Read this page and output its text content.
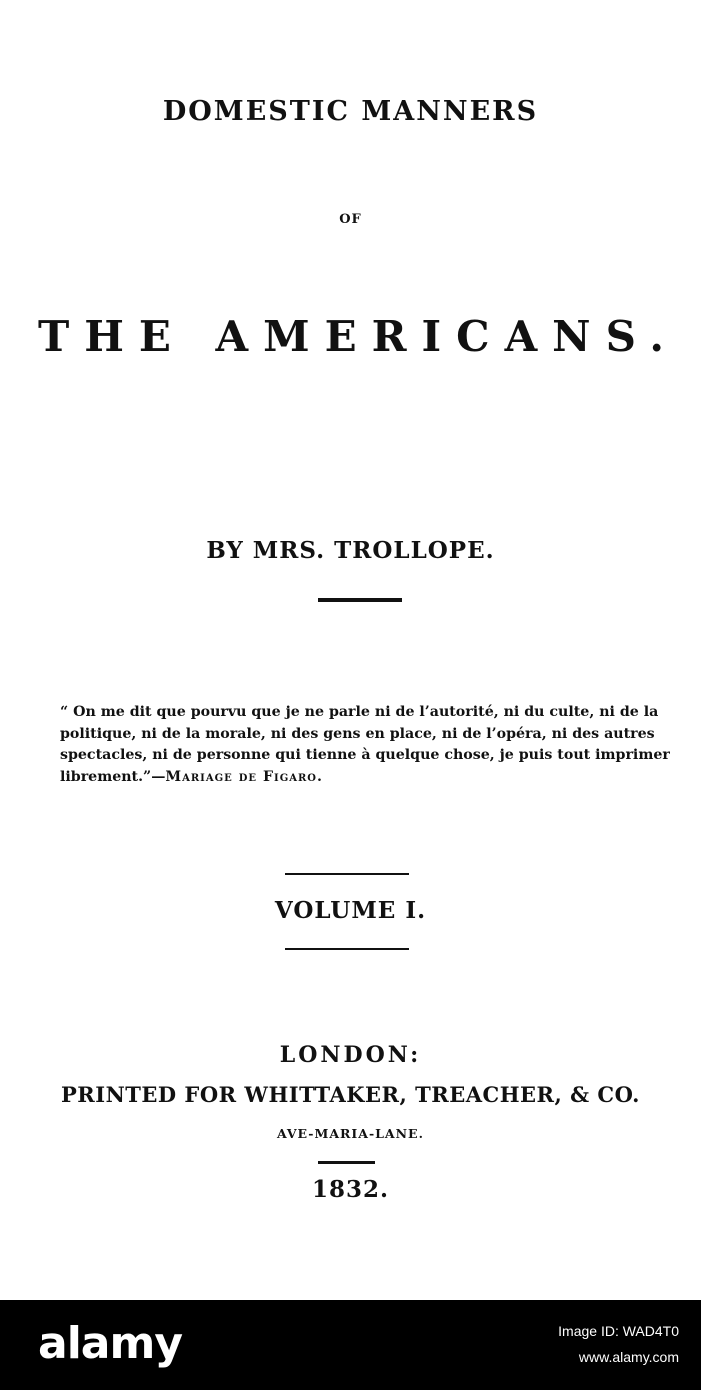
DOMESTIC MANNERS
OF
THE AMERICANS.
BY MRS. TROLLOPE.
“ On me dit que pourvu que je ne parle ni de l’autorité, ni du culte, ni de la
politique, ni de la morale, ni des gens en place, ni de l’opéra, ni des autres
spectacles, ni de personne qui tienne à quelque chose, je puis tout imprimer
librement.”—Mariage de Figaro.
VOLUME I.
LONDON:
PRINTED FOR WHITTAKER, TREACHER, & CO.
AVE-MARIA-LANE.
1832.
alamy	Image ID: WAD4T0
www.alamy.com
